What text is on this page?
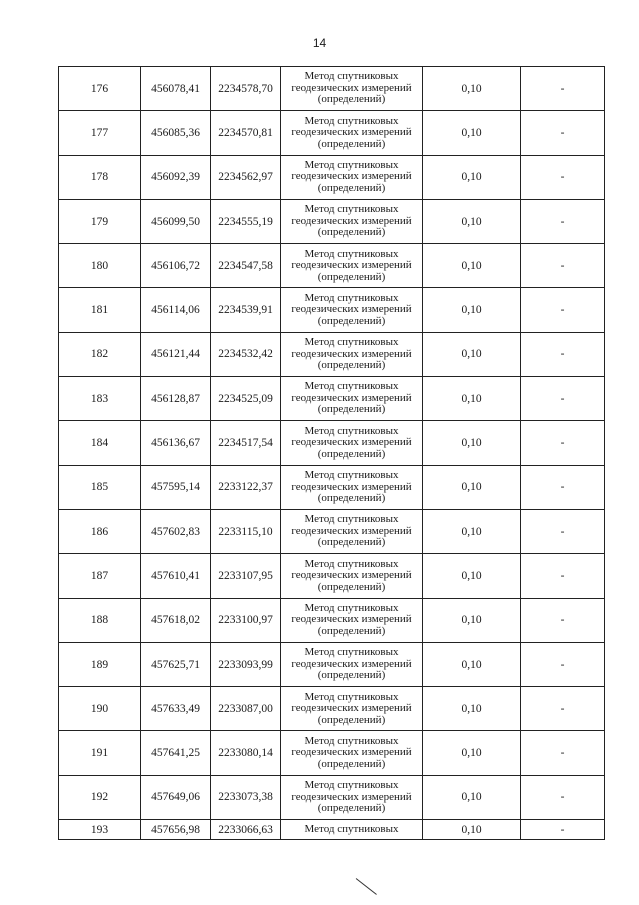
14
176	456078,41	2234578,70	Метод спутниковых
геодезических измерений
(определений)	0,10	-
177	456085,36	2234570,81	Метод спутниковых
геодезических измерений
(определений)	0,10	-
178	456092,39	2234562,97	Метод спутниковых
геодезических измерений
(определений)	0,10	-
179	456099,50	2234555,19	Метод спутниковых
геодезических измерений
(определений)	0,10	-
180	456106,72	2234547,58	Метод спутниковых
геодезических измерений
(определений)	0,10	-
181	456114,06	2234539,91	Метод спутниковых
геодезических измерений
(определений)	0,10	-
182	456121,44	2234532,42	Метод спутниковых
геодезических измерений
(определений)	0,10	-
183	456128,87	2234525,09	Метод спутниковых
геодезических измерений
(определений)	0,10	-
184	456136,67	2234517,54	Метод спутниковых
геодезических измерений
(определений)	0,10	-
185	457595,14	2233122,37	Метод спутниковых
геодезических измерений
(определений)	0,10	-
186	457602,83	2233115,10	Метод спутниковых
геодезических измерений
(определений)	0,10	-
187	457610,41	2233107,95	Метод спутниковых
геодезических измерений
(определений)	0,10	-
188	457618,02	2233100,97	Метод спутниковых
геодезических измерений
(определений)	0,10	-
189	457625,71	2233093,99	Метод спутниковых
геодезических измерений
(определений)	0,10	-
190	457633,49	2233087,00	Метод спутниковых
геодезических измерений
(определений)	0,10	-
191	457641,25	2233080,14	Метод спутниковых
геодезических измерений
(определений)	0,10	-
192	457649,06	2233073,38	Метод спутниковых
геодезических измерений
(определений)	0,10	-
193	457656,98	2233066,63	Метод спутниковых	0,10	-
